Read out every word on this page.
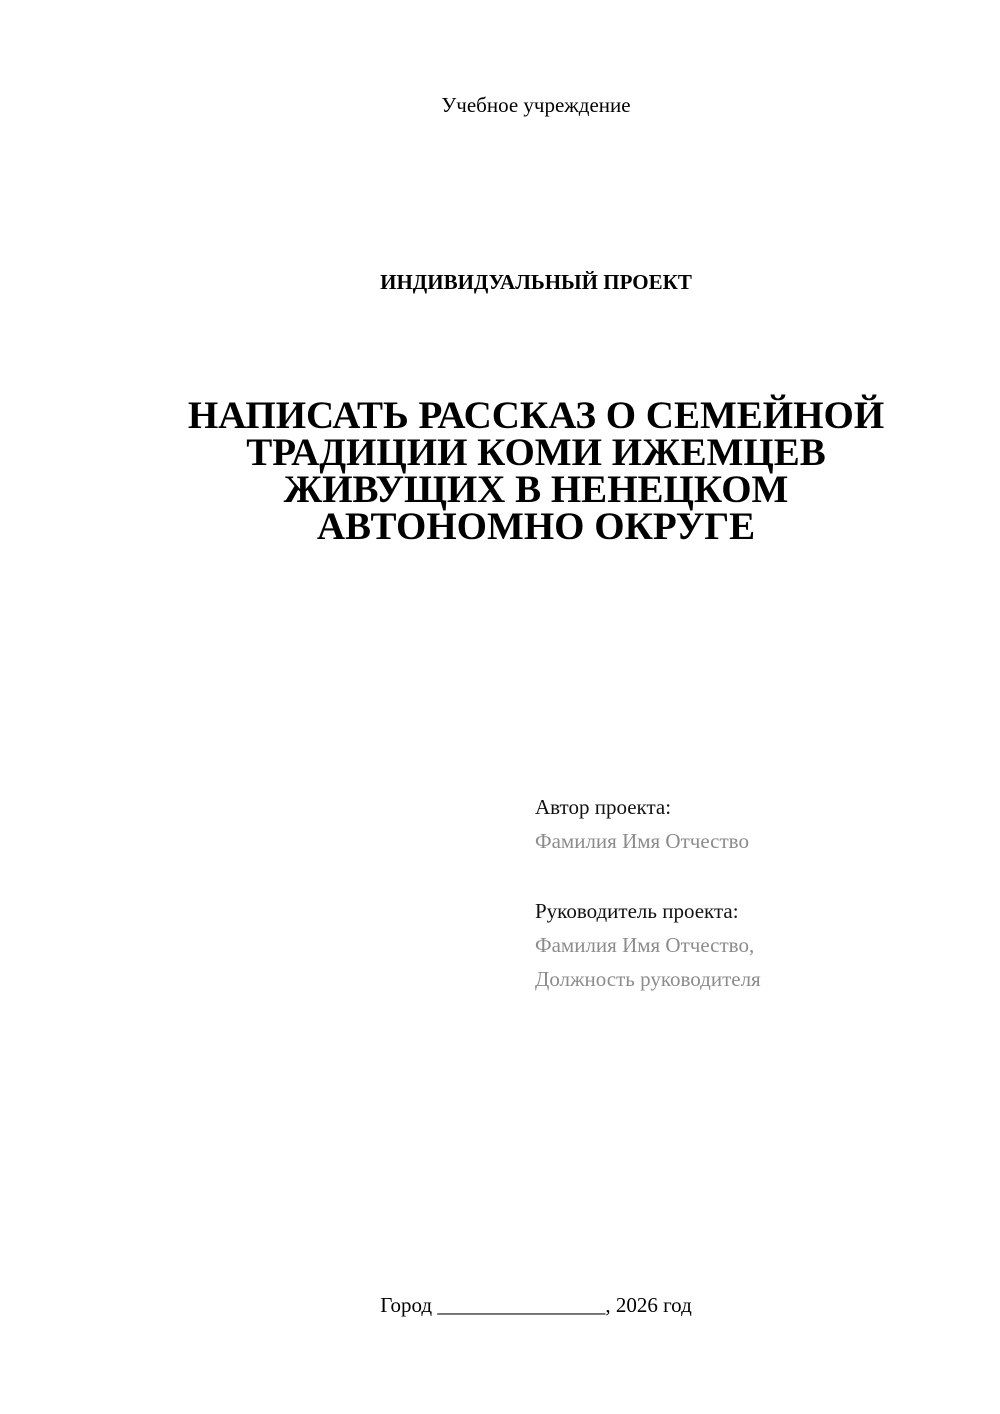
Учебное учреждение
ИНДИВИДУАЛЬНЫЙ ПРОЕКТ
НАПИСАТЬ РАССКАЗ О СЕМЕЙНОЙ
ТРАДИЦИИ КОМИ ИЖЕМЦЕВ
ЖИВУЩИХ В НЕНЕЦКОМ
АВТОНОМНО ОКРУГЕ
Автор проекта:
Фамилия Имя Отчество
Руководитель проекта:
Фамилия Имя Отчество,
Должность руководителя
Город ________________, 2026 год
